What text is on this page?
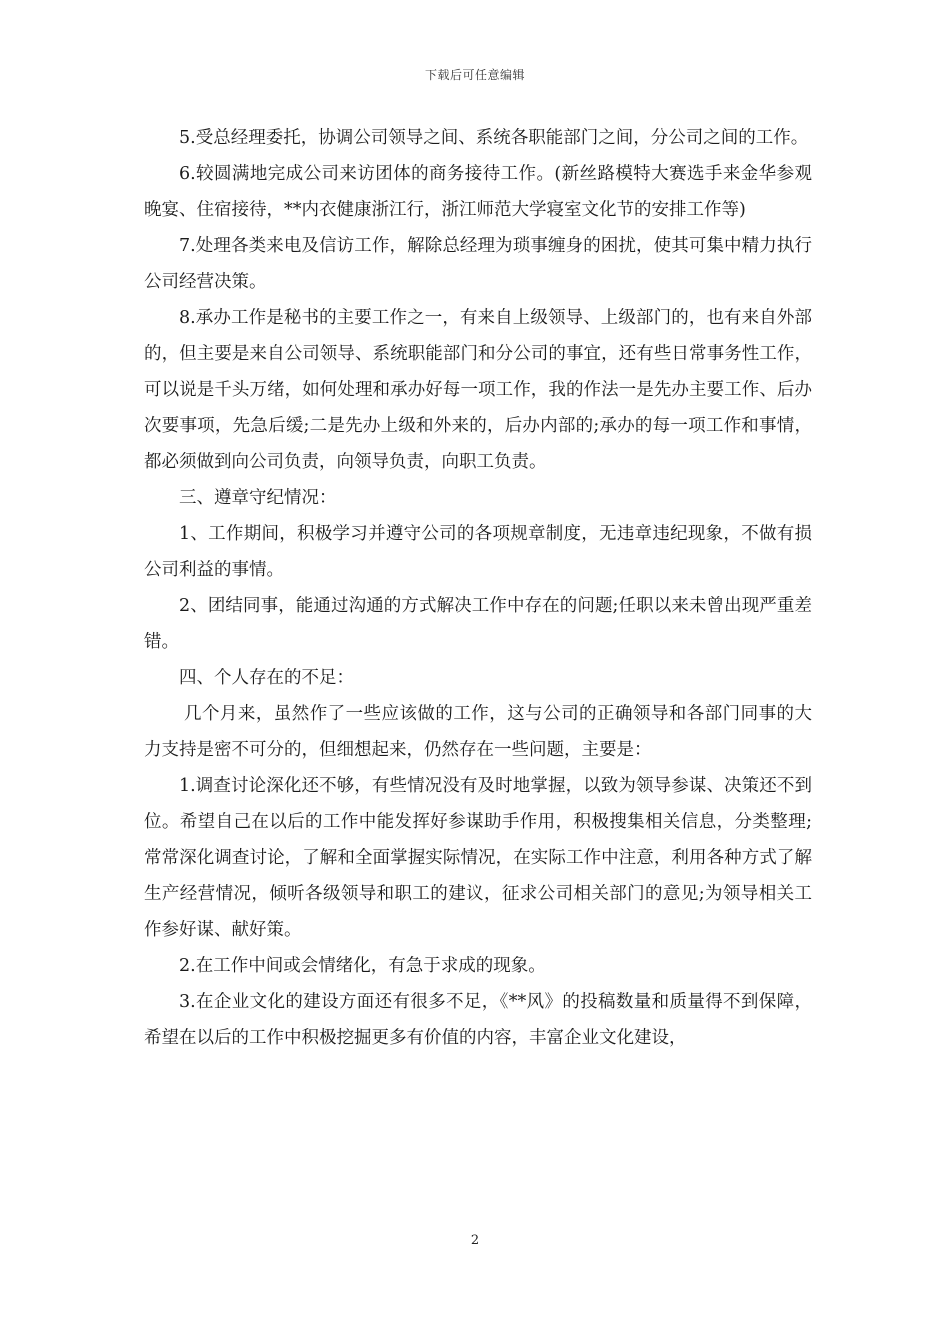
下载后可任意编辑

5.受总经理委托，协调公司领导之间、系统各职能部门之间，分公司之间的工作。

6.较圆满地完成公司来访团体的商务接待工作。(新丝路模特大赛选手来金华参观晚宴、住宿接待，**内衣健康浙江行，浙江师范大学寝室文化节的安排工作等)

7.处理各类来电及信访工作，解除总经理为琐事缠身的困扰，使其可集中精力执行公司经营决策。

8.承办工作是秘书的主要工作之一，有来自上级领导、上级部门的，也有来自外部的，但主要是来自公司领导、系统职能部门和分公司的事宜，还有些日常事务性工作，可以说是千头万绪，如何处理和承办好每一项工作，我的作法一是先办主要工作、后办次要事项，先急后缓;二是先办上级和外来的，后办内部的;承办的每一项工作和事情，都必须做到向公司负责，向领导负责，向职工负责。

三、遵章守纪情况：

1、工作期间，积极学习并遵守公司的各项规章制度，无违章违纪现象，不做有损公司利益的事情。

2、团结同事，能通过沟通的方式解决工作中存在的问题;任职以来未曾出现严重差错。

四、个人存在的不足：

几个月来，虽然作了一些应该做的工作，这与公司的正确领导和各部门同事的大力支持是密不可分的，但细想起来，仍然存在一些问题，主要是：

1.调查讨论深化还不够，有些情况没有及时地掌握，以致为领导参谋、决策还不到位。希望自己在以后的工作中能发挥好参谋助手作用，积极搜集相关信息，分类整理;常常深化调查讨论，了解和全面掌握实际情况，在实际工作中注意，利用各种方式了解生产经营情况，倾听各级领导和职工的建议，征求公司相关部门的意见;为领导相关工作参好谋、献好策。

2.在工作中间或会情绪化，有急于求成的现象。

3.在企业文化的建设方面还有很多不足，《**风》的投稿数量和质量得不到保障，希望在以后的工作中积极挖掘更多有价值的内容，丰富企业文化建设，

2
